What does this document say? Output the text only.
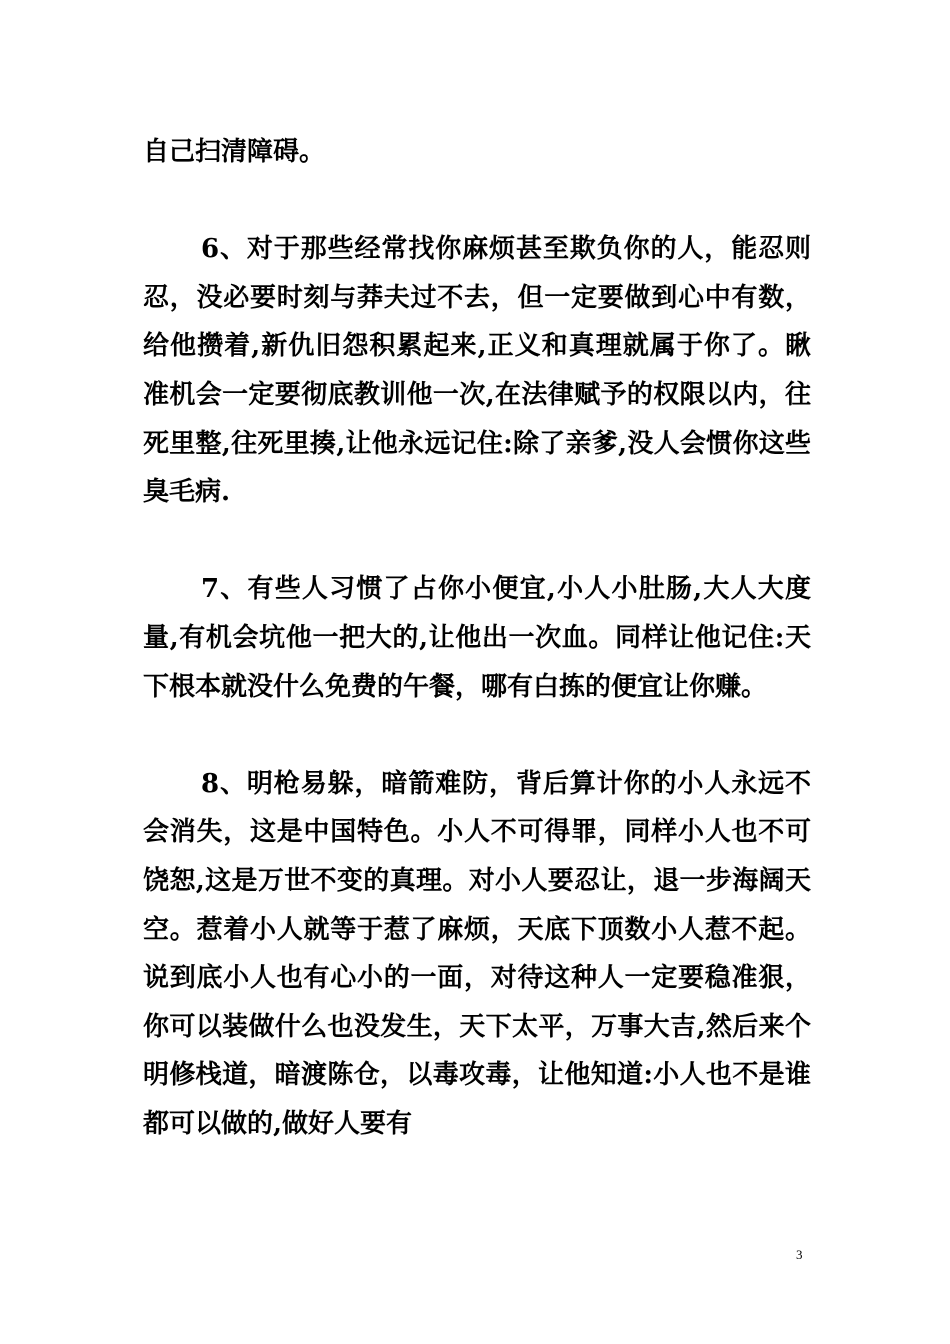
自己扫清障碍。

6、对于那些经常找你麻烦甚至欺负你的人，能忍则忍，没必要时刻与莽夫过不去，但一定要做到心中有数，给他攒着,新仇旧怨积累起来,正义和真理就属于你了。瞅准机会一定要彻底教训他一次,在法律赋予的权限以内，往死里整,往死里揍,让他永远记住:除了亲爹,没人会惯你这些臭毛病.

7、有些人习惯了占你小便宜,小人小肚肠,大人大度量,有机会坑他一把大的,让他出一次血。同样让他记住:天下根本就没什么免费的午餐，哪有白拣的便宜让你赚。

8、明枪易躲，暗箭难防，背后算计你的小人永远不会消失，这是中国特色。小人不可得罪，同样小人也不可饶恕,这是万世不变的真理。对小人要忍让，退一步海阔天空。惹着小人就等于惹了麻烦，天底下顶数小人惹不起。说到底小人也有心小的一面，对待这种人一定要稳准狠，你可以装做什么也没发生，天下太平，万事大吉,然后来个明修栈道，暗渡陈仓，以毒攻毒，让他知道:小人也不是谁都可以做的,做好人要有

3
